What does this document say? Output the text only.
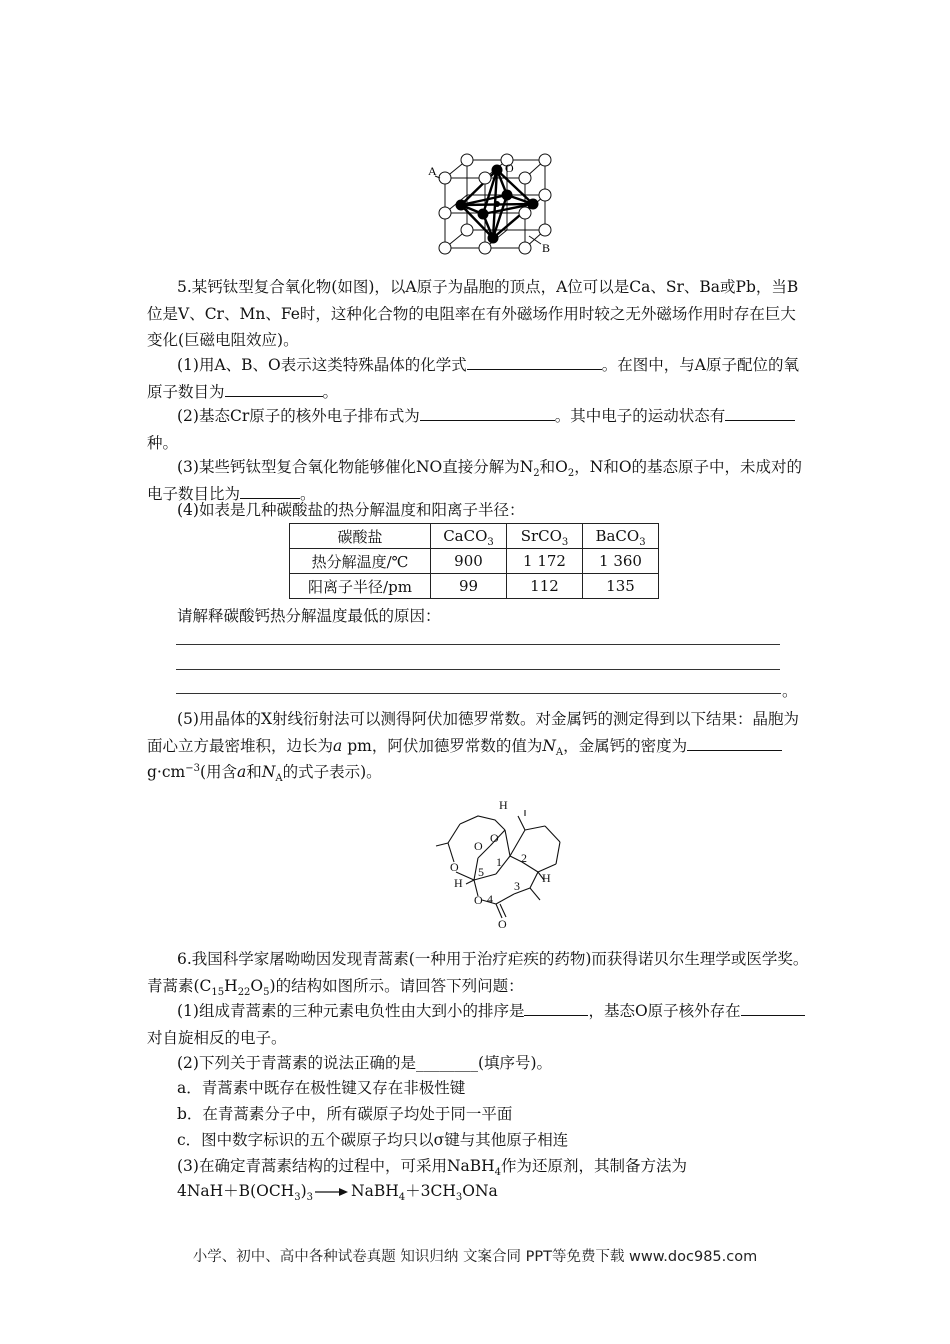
A	O
B

5.某钙钛型复合氧化物(如图)，以A原子为晶胞的顶点，A位可以是Ca、Sr、Ba或Pb，当B位是V、Cr、Mn、Fe时，这种化合物的电阻率在有外磁场作用时较之无外磁场作用时存在巨大变化(巨磁电阻效应)。

(1)用A、B、O表示这类特殊晶体的化学式	。在图中，与A原子配位的氧原子数目为	。

(2)基态Cr原子的核外电子排布式为	。其中电子的运动状态有种。

(3)某些钙钛型复合氧化物能够催化NO直接分解为$N_2$和$O_2$，N和O的基态原子中，未成对的电子数目比为	。

(4)如表是几种碳酸盐的热分解温度和阳离子半径：

碳酸盐	CaCO$_3$	SrCO$_3$	BaCO$_3$
热分解温度/℃	900	1 172	1 360
阳离子半径/pm	99	112	135

请解释碳酸钙热分解温度最低的原因：

。

(5)用晶体的X射线衍射法可以测得阿伏加德罗常数。对金属钙的测定得到以下结果：晶胞为面心立方最密堆积，边长为a pm，阿伏加德罗常数的值为$N_A$，金属钙的密度为 $g\cdot cm^{-3}$(用含a和$N_A$的式子表示)。

H
H	H
O
O
O
O
O
1 2
3
4
5

6.我国科学家屠呦呦因发现青蒿素(一种用于治疗疟疾的药物)而获得诺贝尔生理学或医学奖。青蒿素$(C_{15}H_{22}O_5)$的结构如图所示。请回答下列问题：

(1)组成青蒿素的三种元素电负性由大到小的排序是	，基态O原子核外存在对自旋相反的电子。

(2)下列关于青蒿素的说法正确的是________(填序号)。

a．青蒿素中既存在极性键又存在非极性键

b．在青蒿素分子中，所有碳原子均处于同一平面

c．图中数字标识的五个碳原子均只以σ键与其他原子相连

(3)在确定青蒿素结构的过程中，可采用NaBH$_4$作为还原剂，其制备方法为

$4NaH+B(OCH_3)_3$ → $NaBH_4+3CH_3ONa$

小学、初中、高中各种试卷真题 知识归纳 文案合同 PPT等免费下载 www.doc985.com
